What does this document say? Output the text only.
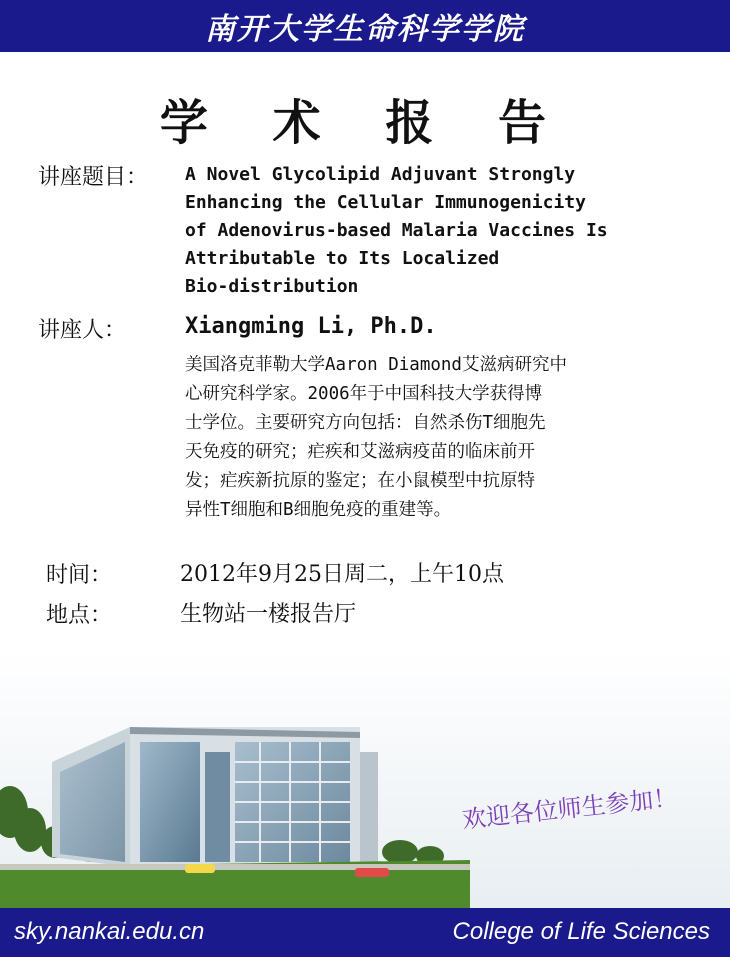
南开大学生命科学学院
学 术 报 告
讲座题目： A Novel Glycolipid Adjuvant Strongly
Enhancing the Cellular Immunogenicity
of Adenovirus-based Malaria Vaccines Is
Attributable to Its Localized
Bio-distribution
讲座人：	Xiangming Li, Ph.D.
美国洛克菲勒大学Aaron Diamond艾滋病研究中
心研究科学家。2006年于中国科技大学获得博
士学位。主要研究方向包括：自然杀伤T细胞先
天免疫的研究；疟疾和艾滋病疫苗的临床前开
发；疟疾新抗原的鉴定；在小鼠模型中抗原特
异性T细胞和B细胞免疫的重建等。
时间：	2012年9月25日周二，上午10点
地点：	生物站一楼报告厅
欢迎各位师生参加！
sky.nankai.edu.cn	College of Life Sciences
